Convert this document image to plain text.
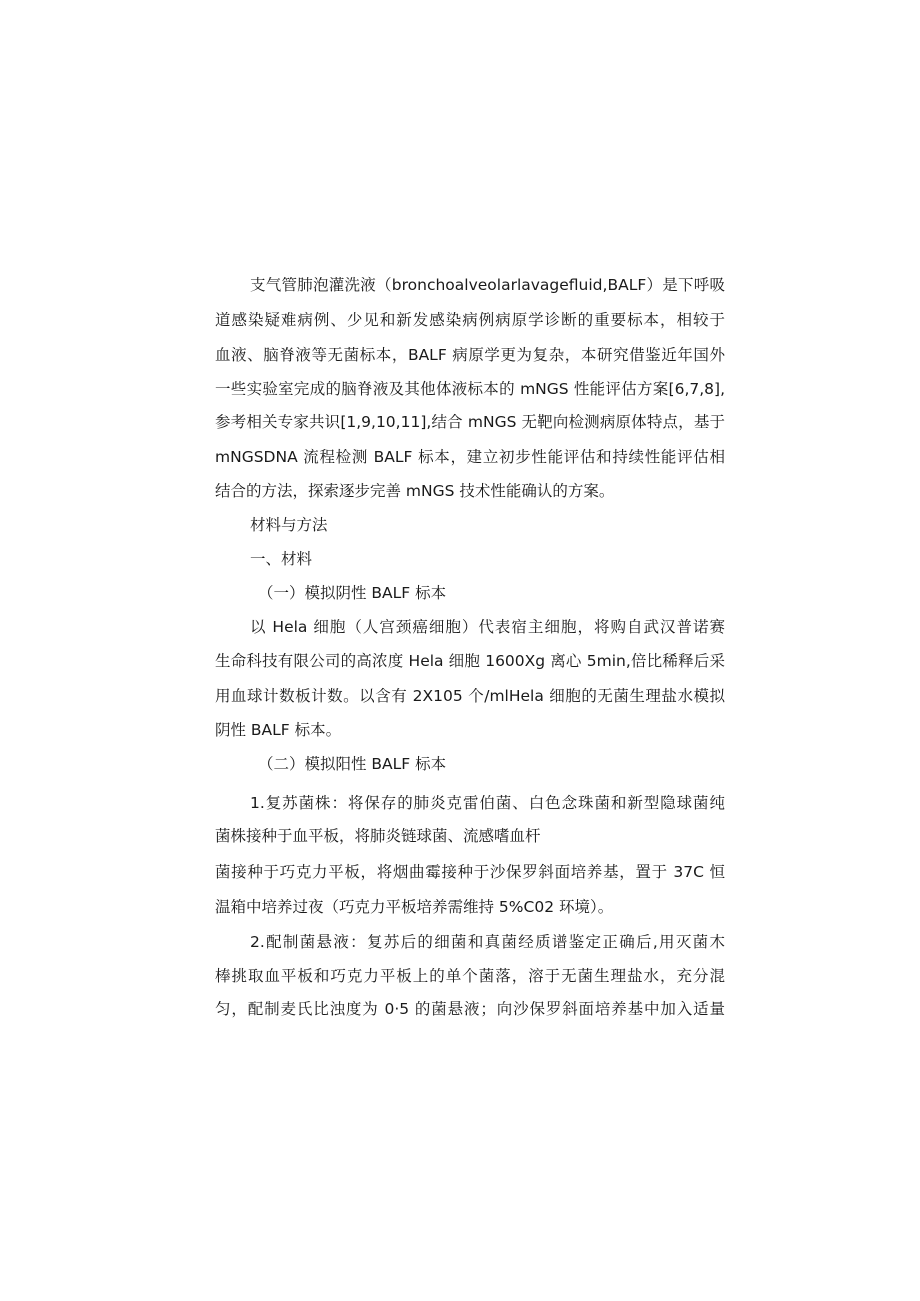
支气管肺泡灌洗液（bronchoalveolarlavagefluid,BALF）是下呼吸
道感染疑难病例、少见和新发感染病例病原学诊断的重要标本，相较于
血液、脑脊液等无菌标本，BALF 病原学更为复杂，本研究借鉴近年国外
一些实验室完成的脑脊液及其他体液标本的 mNGS 性能评估方案[6,7,8],
参考相关专家共识[1,9,10,11],结合 mNGS 无靶向检测病原体特点，基于
mNGSDNA 流程检测 BALF 标本，建立初步性能评估和持续性能评估相
结合的方法，探索逐步完善 mNGS 技术性能确认的方案。
材料与方法
一、材料
（一）模拟阴性 BALF 标本
以 Hela 细胞（人宫颈癌细胞）代表宿主细胞，将购自武汉普诺赛
生命科技有限公司的高浓度 Hela 细胞 1600Xg 离心 5min,倍比稀释后采
用血球计数板计数。以含有 2X105 个/mlHela 细胞的无菌生理盐水模拟
阴性 BALF 标本。
（二）模拟阳性 BALF 标本
1.复苏菌株：将保存的肺炎克雷伯菌、白色念珠菌和新型隐球菌纯
菌株接种于血平板，将肺炎链球菌、流感嗜血杆
菌接种于巧克力平板，将烟曲霉接种于沙保罗斜面培养基，置于 37C 恒
温箱中培养过夜（巧克力平板培养需维持 5%C02 环境）。
2.配制菌悬液：复苏后的细菌和真菌经质谱鉴定正确后,用灭菌木
棒挑取血平板和巧克力平板上的单个菌落，溶于无菌生理盐水，充分混
匀，配制麦氏比浊度为 0·5 的菌悬液；向沙保罗斜面培养基中加入适量
